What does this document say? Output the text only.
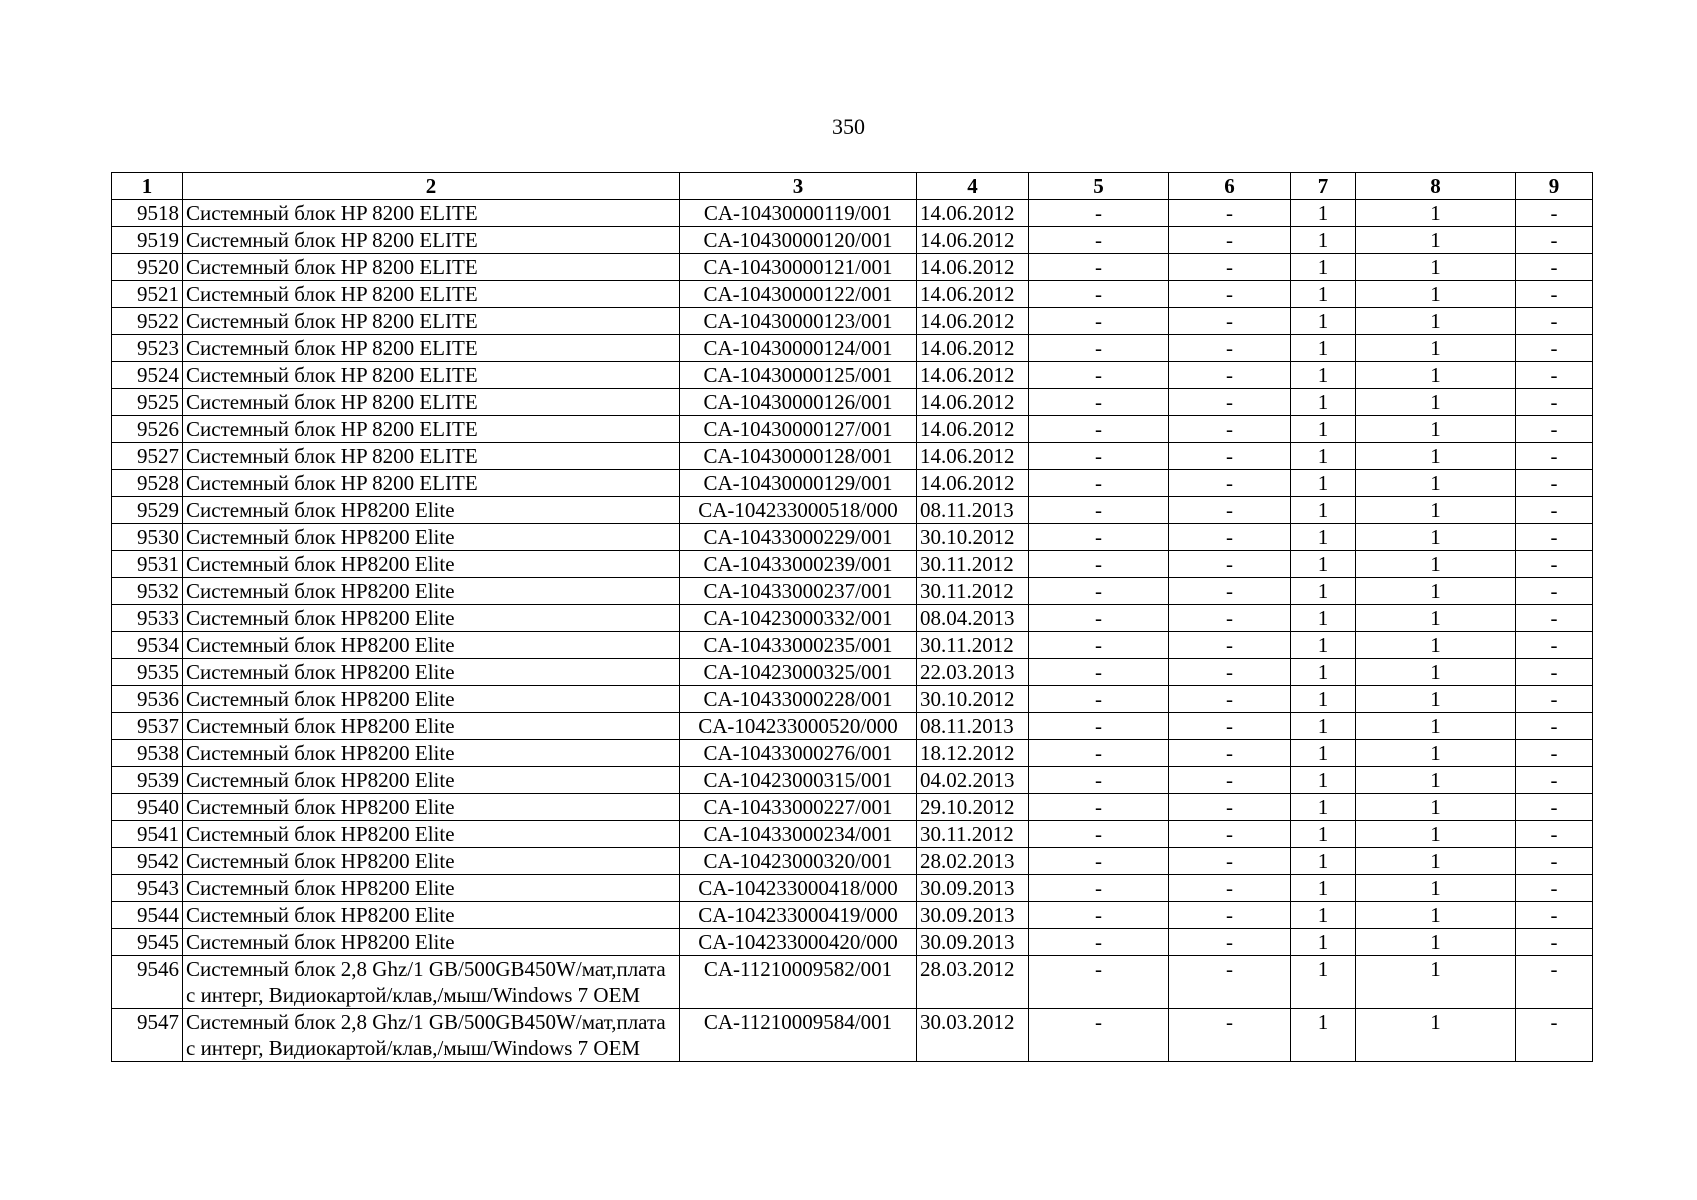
350
1	2	3	4	5	6	7	8	9
9518	Системный блок HP 8200 ELITE	CA-10430000119/001	14.06.2012	-	-	1	1	-
9519	Системный блок HP 8200 ELITE	CA-10430000120/001	14.06.2012	-	-	1	1	-
9520	Системный блок HP 8200 ELITE	CA-10430000121/001	14.06.2012	-	-	1	1	-
9521	Системный блок HP 8200 ELITE	CA-10430000122/001	14.06.2012	-	-	1	1	-
9522	Системный блок HP 8200 ELITE	CA-10430000123/001	14.06.2012	-	-	1	1	-
9523	Системный блок HP 8200 ELITE	CA-10430000124/001	14.06.2012	-	-	1	1	-
9524	Системный блок HP 8200 ELITE	CA-10430000125/001	14.06.2012	-	-	1	1	-
9525	Системный блок HP 8200 ELITE	CA-10430000126/001	14.06.2012	-	-	1	1	-
9526	Системный блок HP 8200 ELITE	CA-10430000127/001	14.06.2012	-	-	1	1	-
9527	Системный блок HP 8200 ELITE	CA-10430000128/001	14.06.2012	-	-	1	1	-
9528	Системный блок HP 8200 ELITE	CA-10430000129/001	14.06.2012	-	-	1	1	-
9529	Системный блок HP8200 Elite	CA-104233000518/000	08.11.2013	-	-	1	1	-
9530	Системный блок HP8200 Elite	CA-10433000229/001	30.10.2012	-	-	1	1	-
9531	Системный блок HP8200 Elite	CA-10433000239/001	30.11.2012	-	-	1	1	-
9532	Системный блок HP8200 Elite	CA-10433000237/001	30.11.2012	-	-	1	1	-
9533	Системный блок HP8200 Elite	CA-10423000332/001	08.04.2013	-	-	1	1	-
9534	Системный блок HP8200 Elite	CA-10433000235/001	30.11.2012	-	-	1	1	-
9535	Системный блок HP8200 Elite	CA-10423000325/001	22.03.2013	-	-	1	1	-
9536	Системный блок HP8200 Elite	CA-10433000228/001	30.10.2012	-	-	1	1	-
9537	Системный блок HP8200 Elite	CA-104233000520/000	08.11.2013	-	-	1	1	-
9538	Системный блок HP8200 Elite	CA-10433000276/001	18.12.2012	-	-	1	1	-
9539	Системный блок HP8200 Elite	CA-10423000315/001	04.02.2013	-	-	1	1	-
9540	Системный блок HP8200 Elite	CA-10433000227/001	29.10.2012	-	-	1	1	-
9541	Системный блок HP8200 Elite	CA-10433000234/001	30.11.2012	-	-	1	1	-
9542	Системный блок HP8200 Elite	CA-10423000320/001	28.02.2013	-	-	1	1	-
9543	Системный блок HP8200 Elite	CA-104233000418/000	30.09.2013	-	-	1	1	-
9544	Системный блок HP8200 Elite	CA-104233000419/000	30.09.2013	-	-	1	1	-
9545	Системный блок HP8200 Elite	CA-104233000420/000	30.09.2013	-	-	1	1	-
9546	Системный блок 2,8 Ghz/1 GB/500GB450W/мат,плата с интерг, Видиокартой/клав,/мыш/Windows 7 OEM	CA-11210009582/001	28.03.2012	-	-	1	1	-
9547	Системный блок 2,8 Ghz/1 GB/500GB450W/мат,плата с интерг, Видиокартой/клав,/мыш/Windows 7 OEM	CA-11210009584/001	30.03.2012	-	-	1	1	-
